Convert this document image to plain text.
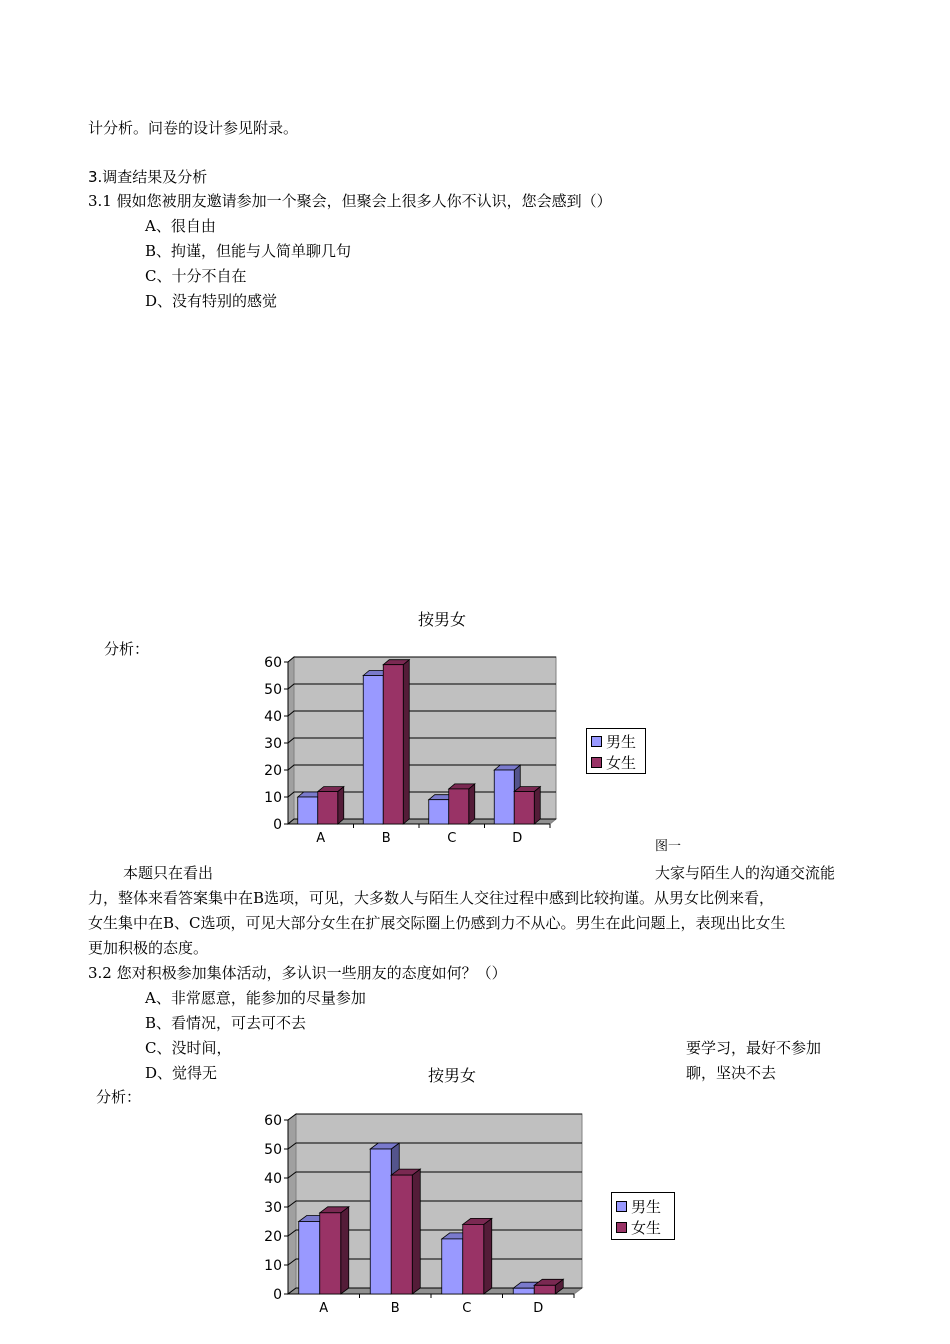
计分析。问卷的设计参见附录。
3.调查结果及分析
3.1 假如您被朋友邀请参加一个聚会，但聚会上很多人你不认识，您会感到（）
A、很自由
B、拘谨，但能与人简单聊几句
C、十分不自在
D、没有特别的感觉
按男女
分析：
0
10
20
30
40
50
60
A	B	C	D
男生
女生
图一
本题只在看出	大家与陌生人的沟通交流能
力，整体来看答案集中在B选项，可见，大多数人与陌生人交往过程中感到比较拘谨。从男女比例来看，
女生集中在B、C选项，可见大部分女生在扩展交际圈上仍感到力不从心。男生在此问题上，表现出比女生
更加积极的态度。
3.2 您对积极参加集体活动，多认识一些朋友的态度如何？（）
A、非常愿意，能参加的尽量参加
B、看情况，可去可不去
C、没时间，	要学习，最好不参加
D、觉得无	聊，坚决不去
按男女
分析：
0
10
20
30
40
50
60
A	B	C	D
男生
女生
